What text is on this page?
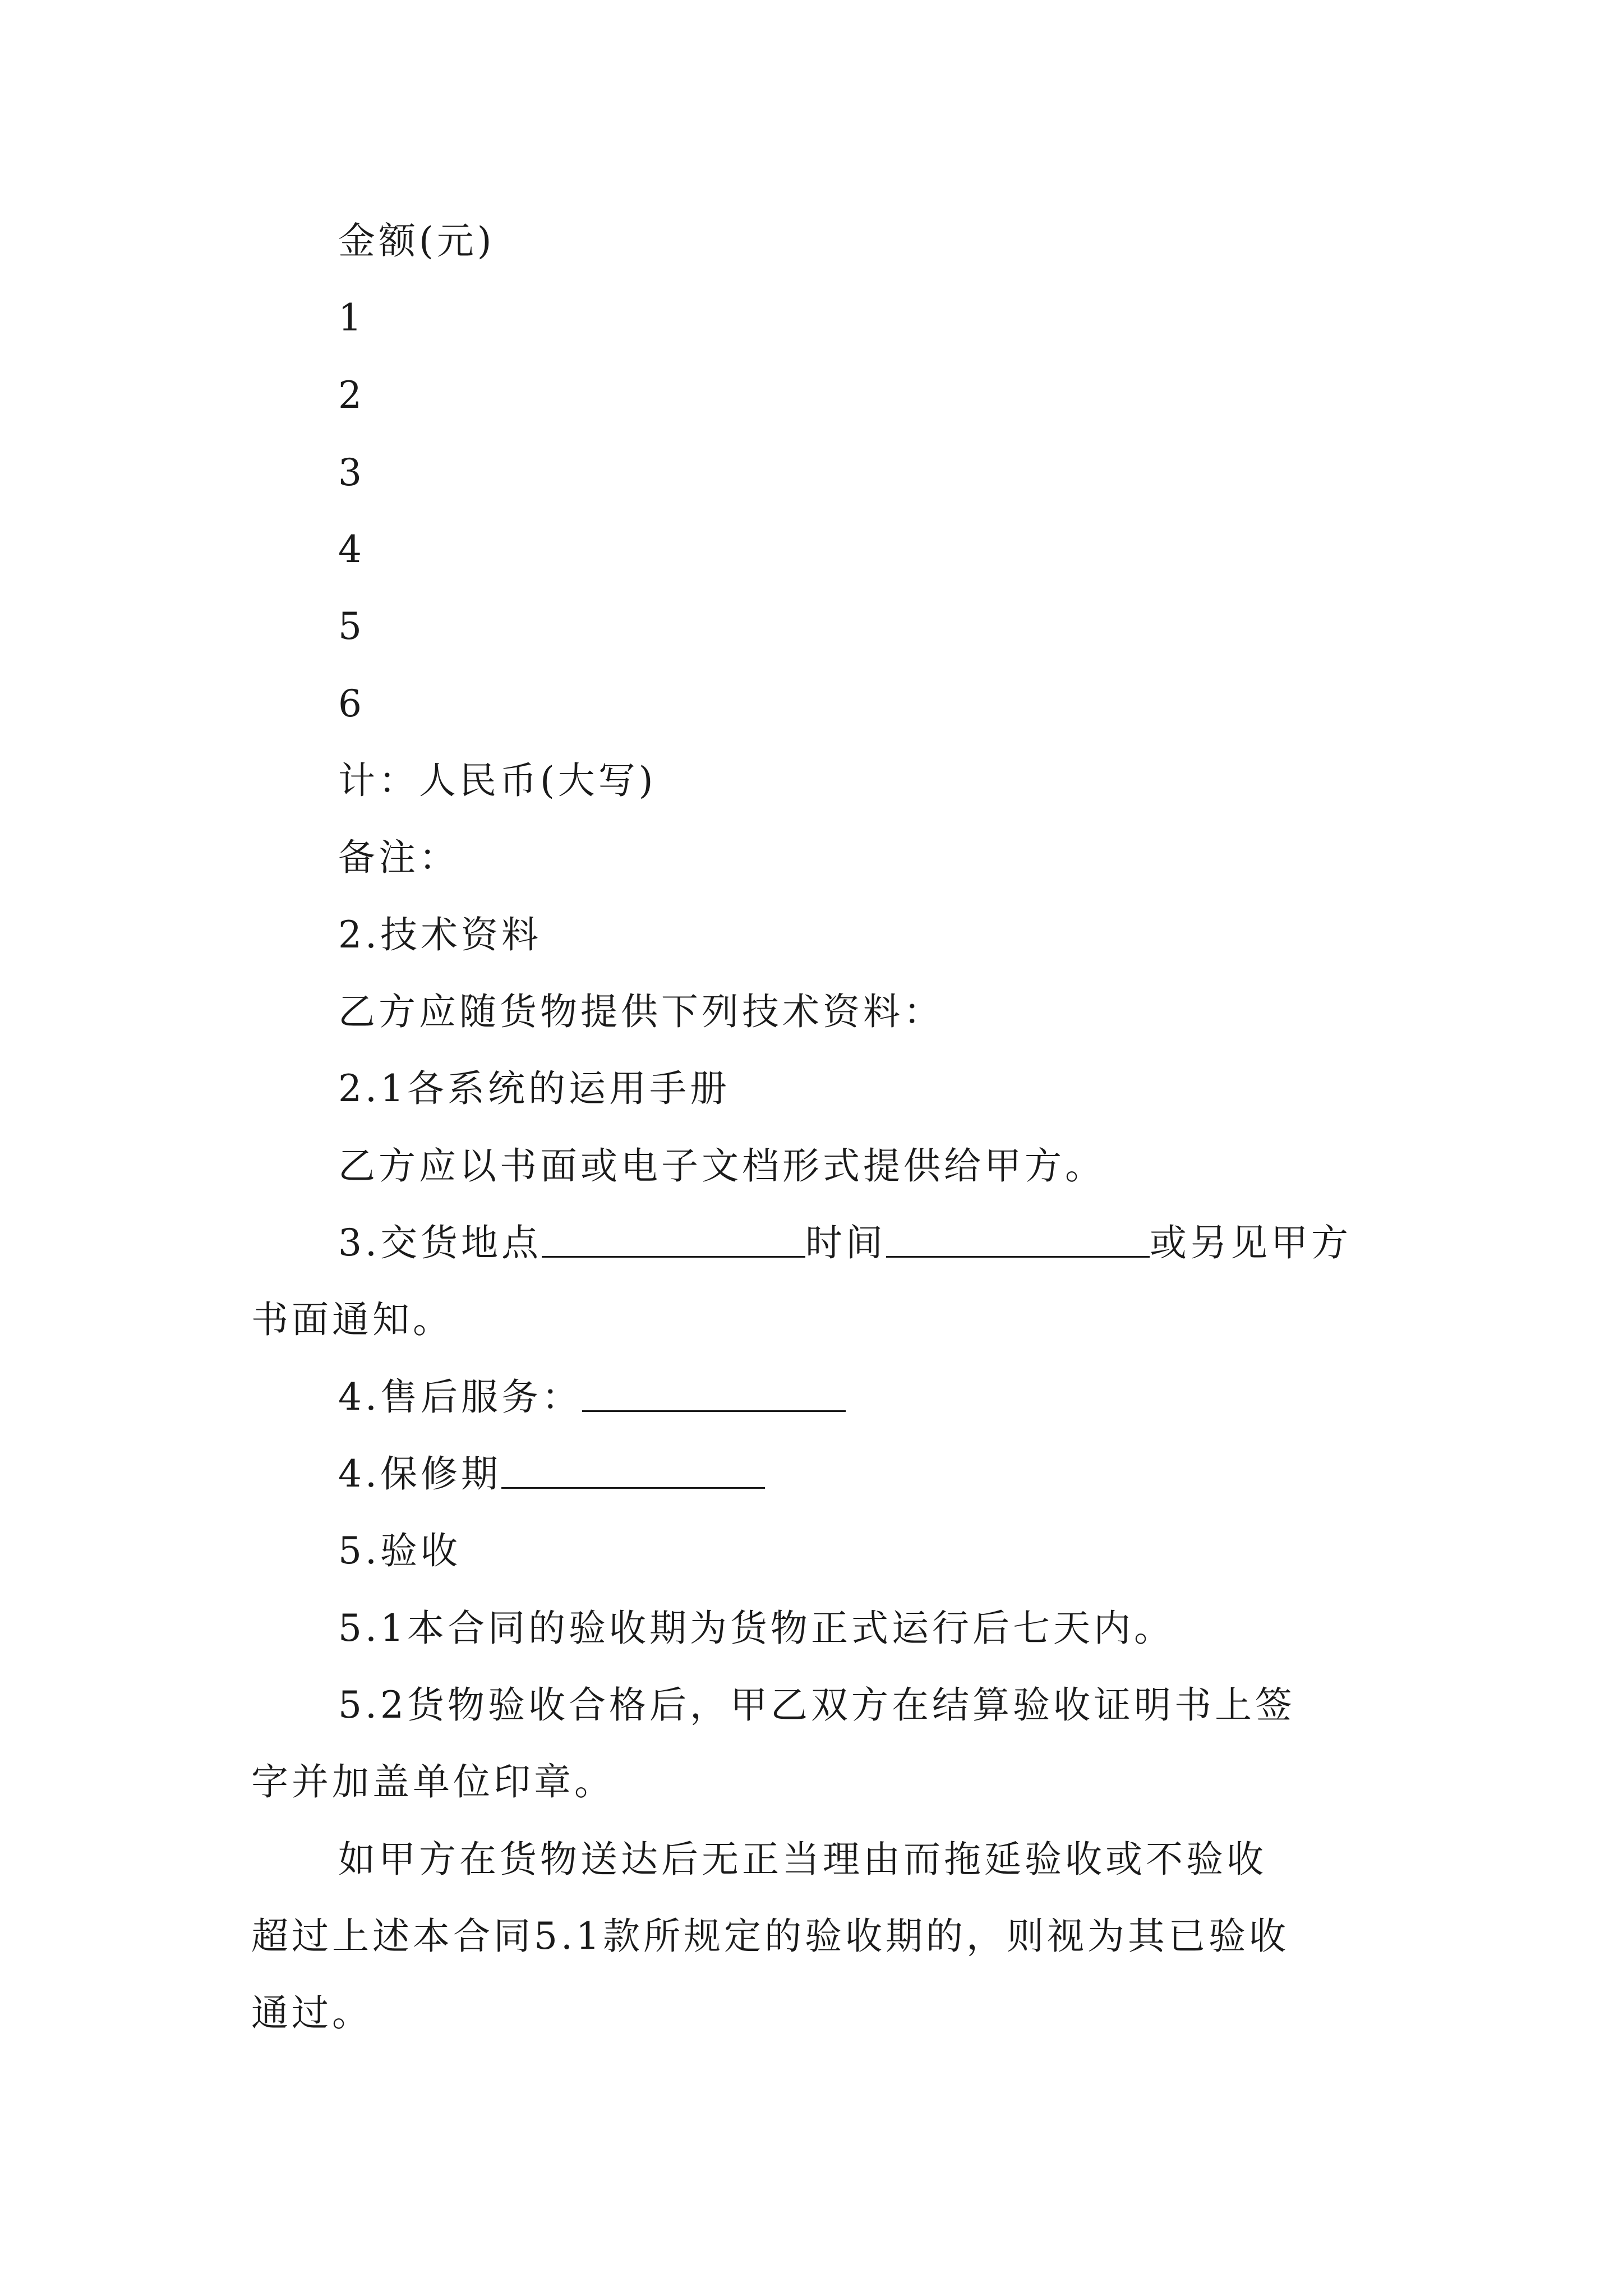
金额(元)
1
2
3
4
5
6
计：人民币(大写)
备注：
2.技术资料
乙方应随货物提供下列技术资料：
2.1各系统的运用手册
乙方应以书面或电子文档形式提供给甲方。
3.交货地点	时间	或另见甲方
书面通知。
4.售后服务：
4.保修期
5.验收
5.1本合同的验收期为货物正式运行后七天内。
5.2货物验收合格后，甲乙双方在结算验收证明书上签
字并加盖单位印章。
如甲方在货物送达后无正当理由而拖延验收或不验收
超过上述本合同5.1款所规定的验收期的，则视为其已验收
通过。
